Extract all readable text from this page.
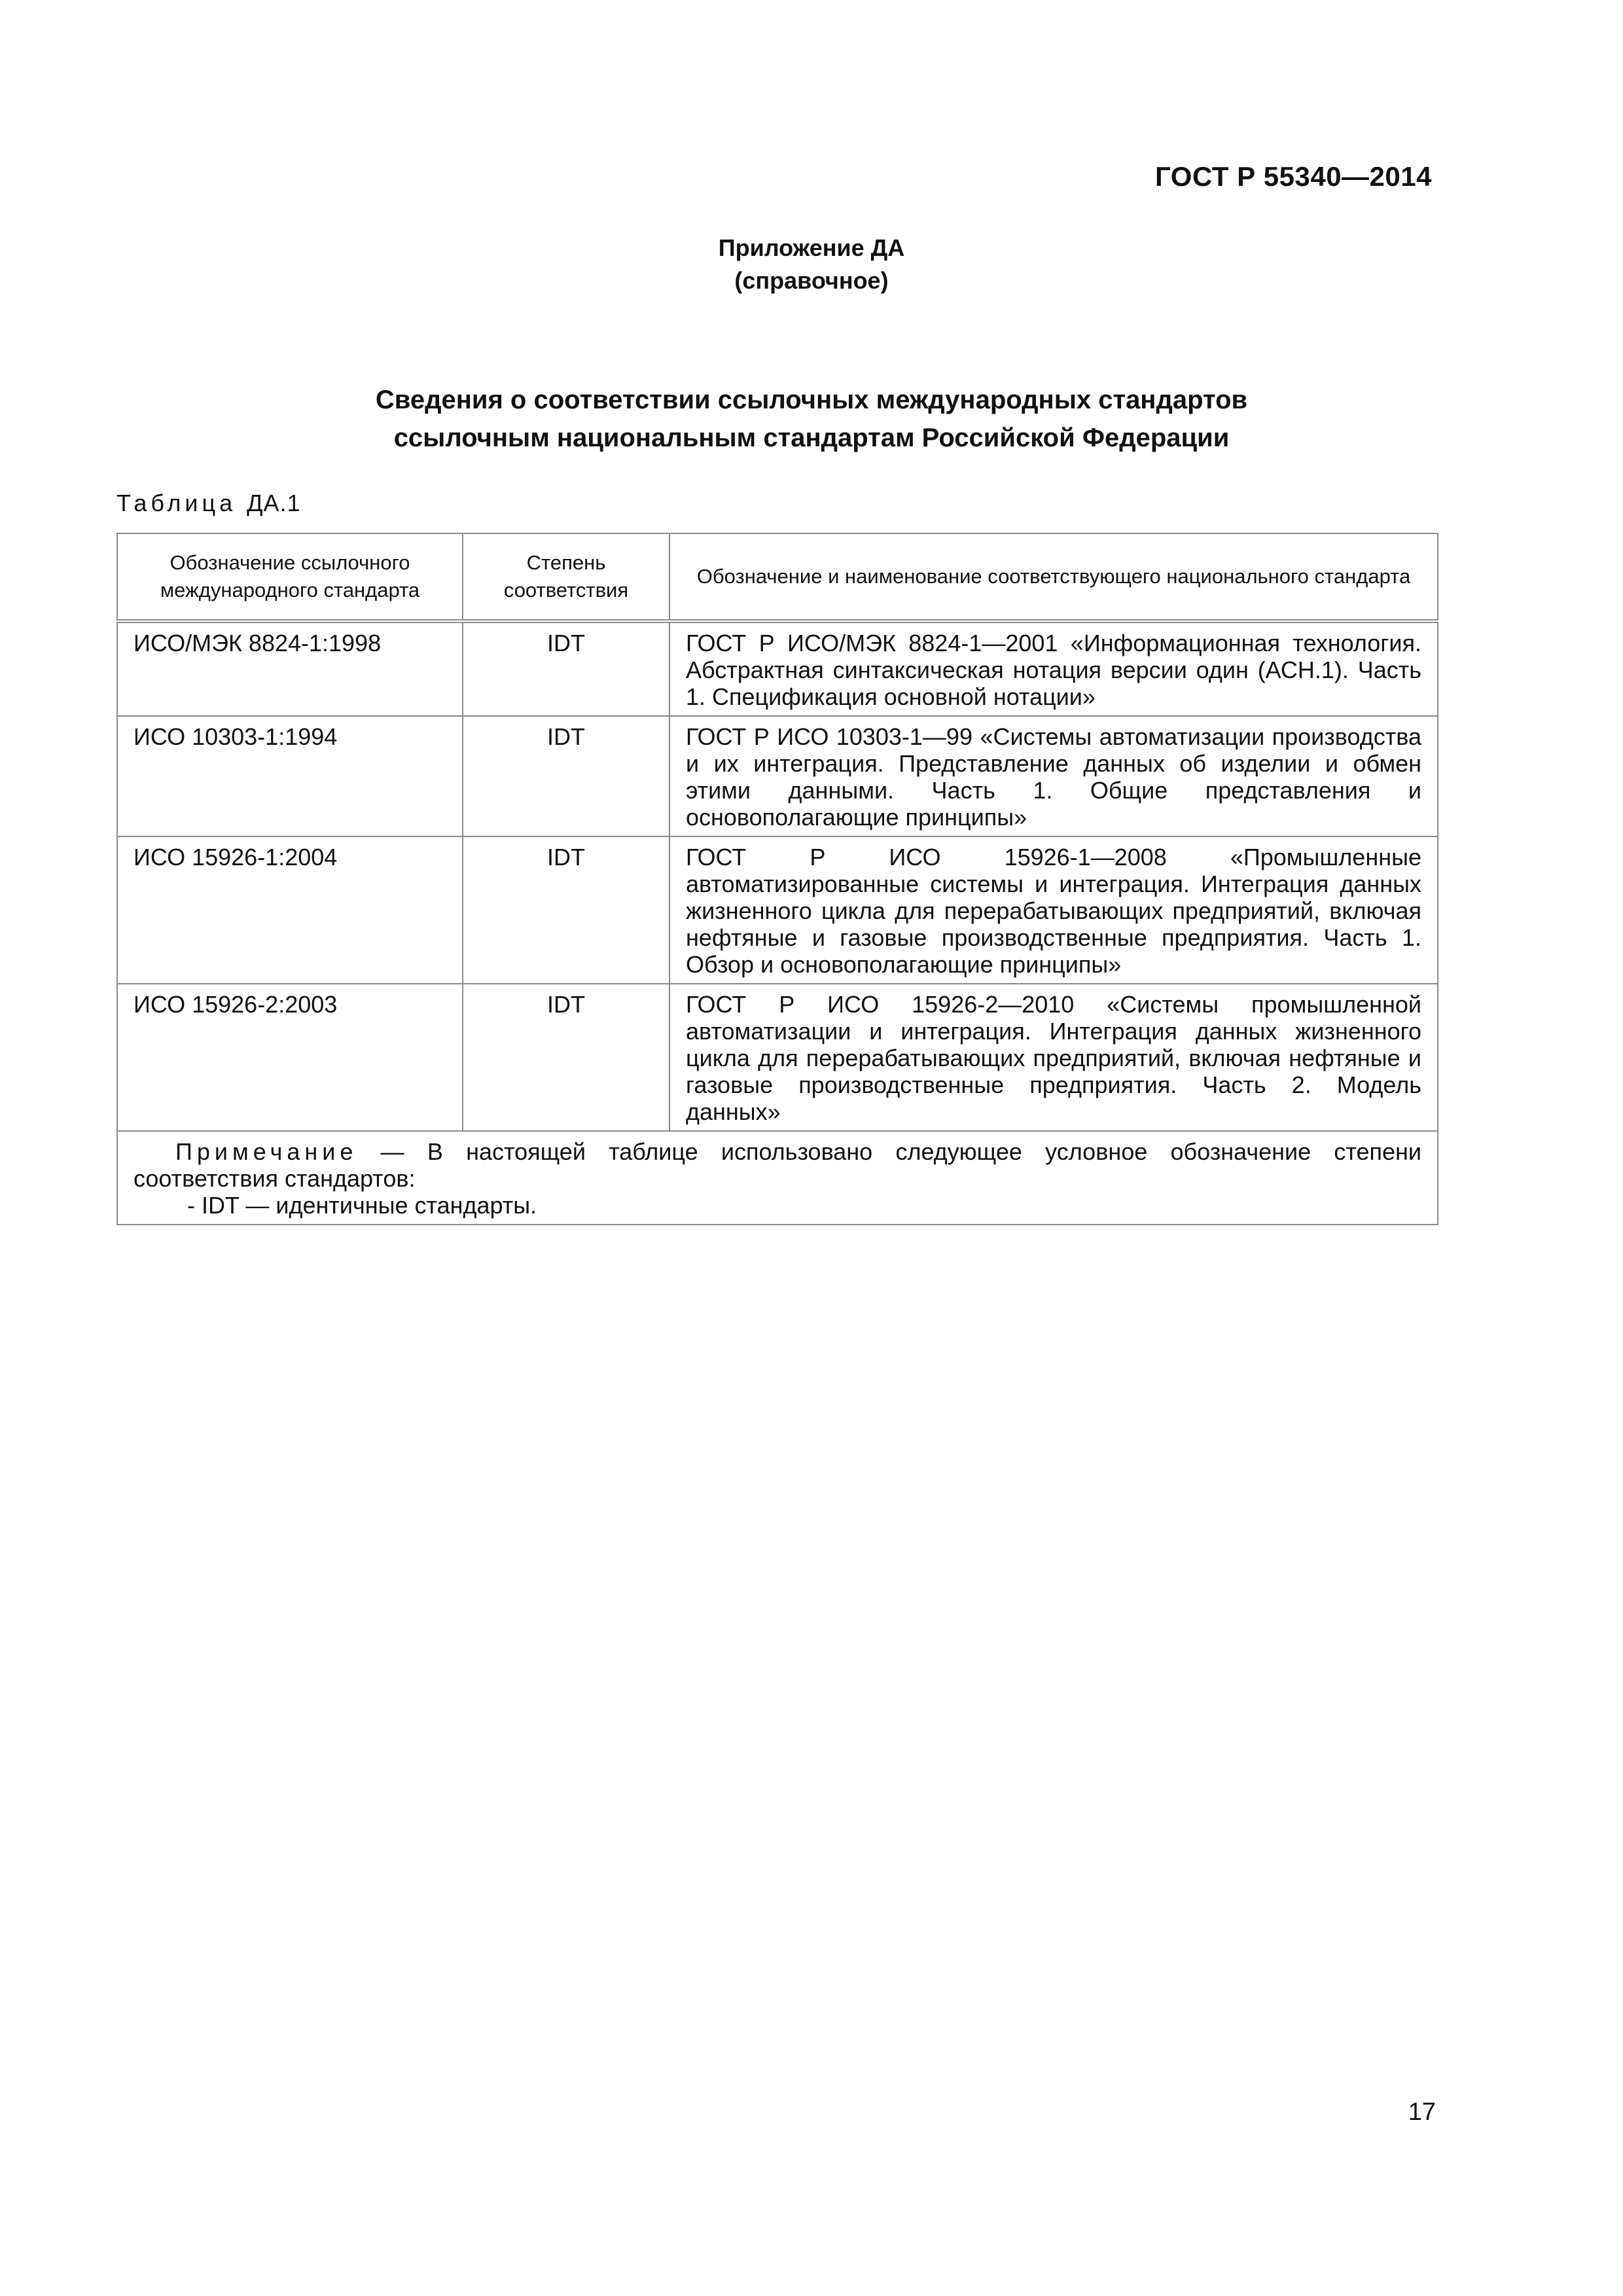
ГОСТ Р 55340—2014
Приложение ДА
(справочное)
Сведения о соответствии ссылочных международных стандартов
ссылочным национальным стандартам Российской Федерации
Таблица ДА.1
Обозначение ссылочного международного стандарта	Степень соответствия	Обозначение и наименование соответствующего национального стандарта
ИСО/МЭК 8824-1:1998	IDT	ГОСТ Р ИСО/МЭК 8824-1—2001 «Информационная технология. Абстрактная синтаксическая нотация версии один (АСН.1). Часть 1. Спецификация основной нотации»
ИСО 10303-1:1994	IDT	ГОСТ Р ИСО 10303-1—99 «Системы автоматизации производства и их интеграция. Представление данных об изделии и обмен этими данными. Часть 1. Общие представления и основополагающие принципы»
ИСО 15926-1:2004	IDT	ГОСТ Р ИСО 15926-1—2008 «Промышленные автоматизированные системы и интеграция. Интеграция данных жизненного цикла для перерабатывающих предприятий, включая нефтяные и газовые производственные предприятия. Часть 1. Обзор и основополагающие принципы»
ИСО 15926-2:2003	IDT	ГОСТ Р ИСО 15926-2—2010 «Системы промышленной автоматизации и интеграция. Интеграция данных жизненного цикла для перерабатывающих предприятий, включая нефтяные и газовые производственные предприятия. Часть 2. Модель данных»

Примечание — В настоящей таблице использовано следующее условное обозначение степени соответствия стандартов:
- IDT — идентичные стандарты.		
17
